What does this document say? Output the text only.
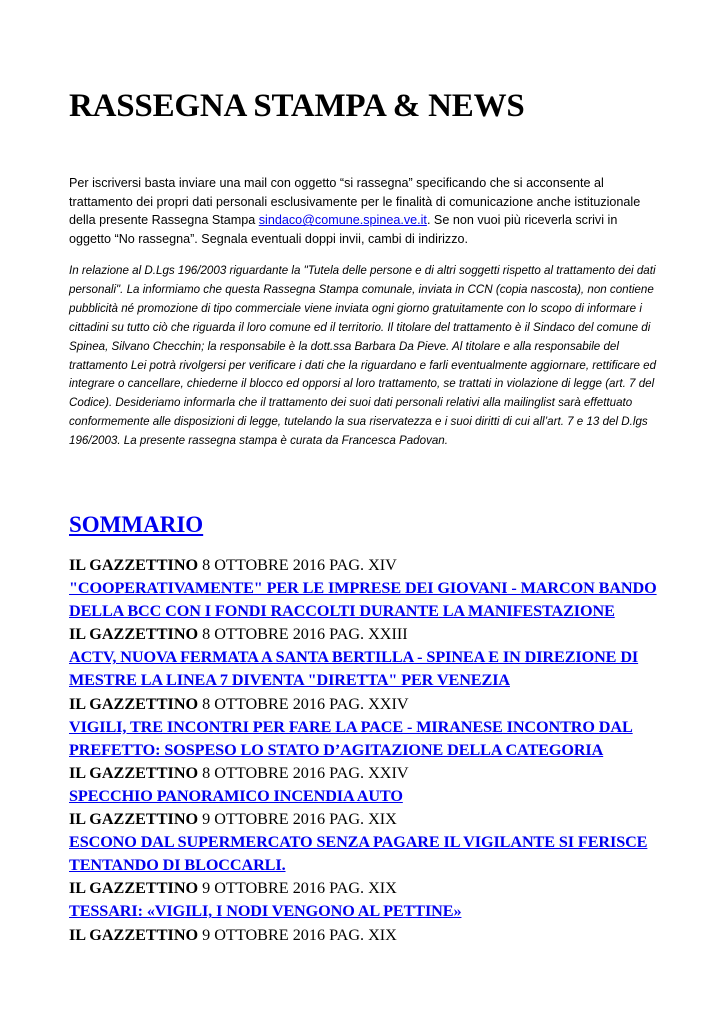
RASSEGNA STAMPA & NEWS

Per iscriversi basta inviare una mail con oggetto “si rassegna” specificando che si acconsente al trattamento dei propri dati personali esclusivamente per le finalità di comunicazione anche istituzionale della presente Rassegna Stampa sindaco@comune.spinea.ve.it. Se non vuoi più riceverla scrivi in oggetto “No rassegna”. Segnala eventuali doppi invii, cambi di indirizzo.

In relazione al D.Lgs 196/2003 riguardante la "Tutela delle persone e di altri soggetti rispetto al trattamento dei dati personali". La informiamo che questa Rassegna Stampa comunale, inviata in CCN (copia nascosta), non contiene pubblicità né promozione di tipo commerciale viene inviata ogni giorno gratuitamente con lo scopo di informare i cittadini su tutto ciò che riguarda il loro comune ed il territorio. Il titolare del trattamento è il Sindaco del comune di Spinea, Silvano Checchin; la responsabile è la dott.ssa Barbara Da Pieve. Al titolare e alla responsabile del trattamento Lei potrà rivolgersi per verificare i dati che la riguardano e farli eventualmente aggiornare, rettificare ed integrare o cancellare, chiederne il blocco ed opporsi al loro trattamento, se trattati in violazione di legge (art. 7 del Codice). Desideriamo informarla che il trattamento dei suoi dati personali relativi alla mailinglist sarà effettuato conformemente alle disposizioni di legge, tutelando la sua riservatezza e i suoi diritti di cui all’art. 7 e 13 del D.lgs 196/2003. La presente rassegna stampa è curata da Francesca Padovan.

SOMMARIO
IL GAZZETTINO 8 OTTOBRE 2016 PAG. XIV
"COOPERATIVAMENTE" PER LE IMPRESE DEI GIOVANI - MARCON BANDO DELLA BCC CON I FONDI RACCOLTI DURANTE LA MANIFESTAZIONE
IL GAZZETTINO 8 OTTOBRE 2016 PAG. XXIII
ACTV, NUOVA FERMATA A SANTA BERTILLA - SPINEA E IN DIREZIONE DI MESTRE LA LINEA 7 DIVENTA "DIRETTA" PER VENEZIA
IL GAZZETTINO 8 OTTOBRE 2016 PAG. XXIV
VIGILI, TRE INCONTRI PER FARE LA PACE - MIRANESE INCONTRO DAL PREFETTO: SOSPESO LO STATO D’AGITAZIONE DELLA CATEGORIA
IL GAZZETTINO 8 OTTOBRE 2016 PAG. XXIV
SPECCHIO PANORAMICO INCENDIA AUTO
IL GAZZETTINO 9 OTTOBRE 2016 PAG. XIX
ESCONO DAL SUPERMERCATO SENZA PAGARE IL VIGILANTE SI FERISCE TENTANDO DI BLOCCARLI.
IL GAZZETTINO 9 OTTOBRE 2016 PAG. XIX
TESSARI: «VIGILI, I NODI VENGONO AL PETTINE»
IL GAZZETTINO 9 OTTOBRE 2016 PAG. XIX
